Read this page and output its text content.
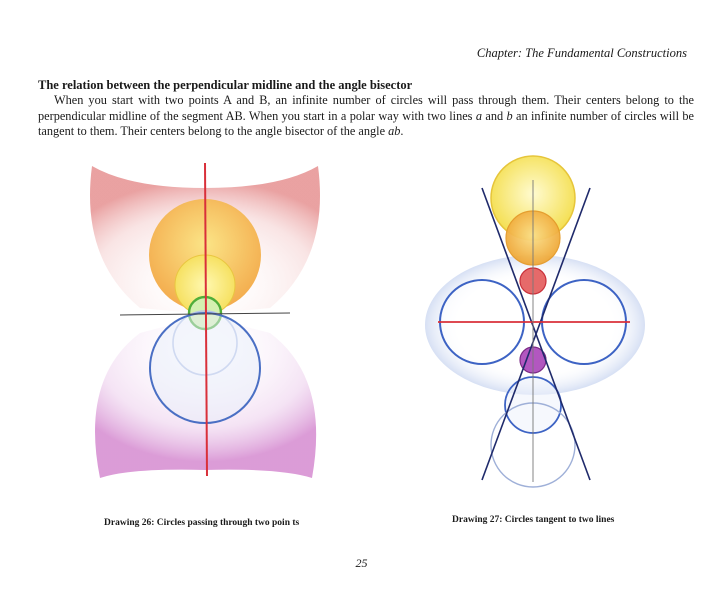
Chapter: The Fundamental Constructions
The relation between the perpendicular midline and the angle bisector
When you start with two points A and B, an infinite number of circles will pass through them. Their centers belong to the perpendicular midline of the segment AB. When you start in a polar way with two lines a and b an infinite number of circles will be tangent to them. Their centers belong to the angle bisector of the angle ab.
Drawing 26: Circles passing through two poin ts	Drawing 27: Circles tangent to two lines
25
